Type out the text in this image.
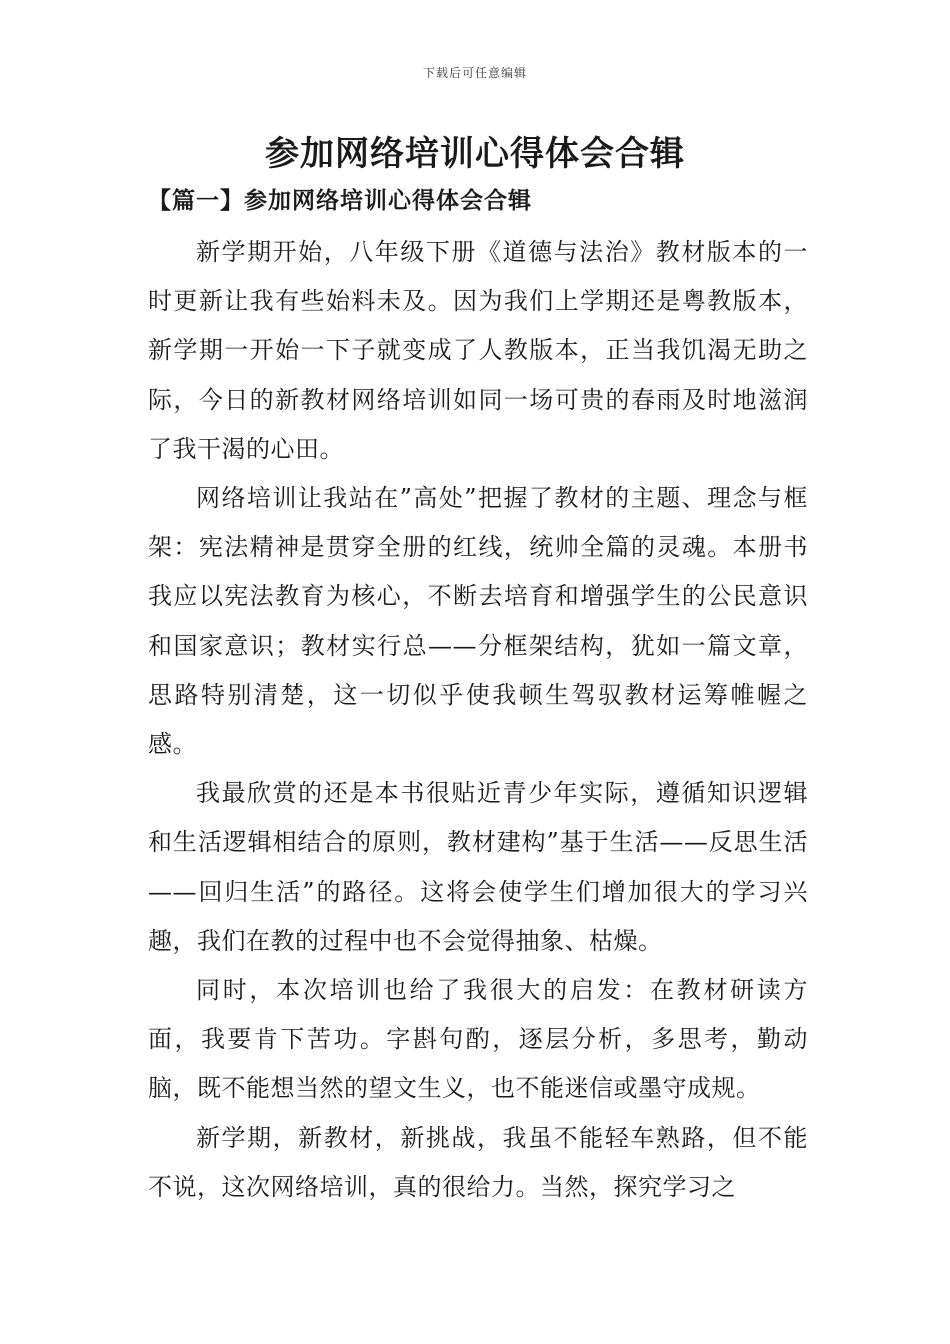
下载后可任意编辑
参加网络培训心得体会合辑
【篇一】参加网络培训心得体会合辑

新学期开始，八年级下册《道德与法治》教材版本的一时更新让我有些始料未及。因为我们上学期还是粤教版本，新学期一开始一下子就变成了人教版本，正当我饥渴无助之际，今日的新教材网络培训如同一场可贵的春雨及时地滋润了我干渴的心田。

网络培训让我站在”高处”把握了教材的主题、理念与框架：宪法精神是贯穿全册的红线，统帅全篇的灵魂。本册书我应以宪法教育为核心，不断去培育和增强学生的公民意识和国家意识；教材实行总——分框架结构，犹如一篇文章，思路特别清楚，这一切似乎使我顿生驾驭教材运筹帷幄之感。

我最欣赏的还是本书很贴近青少年实际，遵循知识逻辑和生活逻辑相结合的原则，教材建构”基于生活——反思生活——回归生活”的路径。这将会使学生们增加很大的学习兴趣，我们在教的过程中也不会觉得抽象、枯燥。

同时，本次培训也给了我很大的启发：在教材研读方面，我要肯下苦功。字斟句酌，逐层分析，多思考，勤动脑，既不能想当然的望文生义，也不能迷信或墨守成规。

新学期，新教材，新挑战，我虽不能轻车熟路，但不能不说，这次网络培训，真的很给力。当然，探究学习之
